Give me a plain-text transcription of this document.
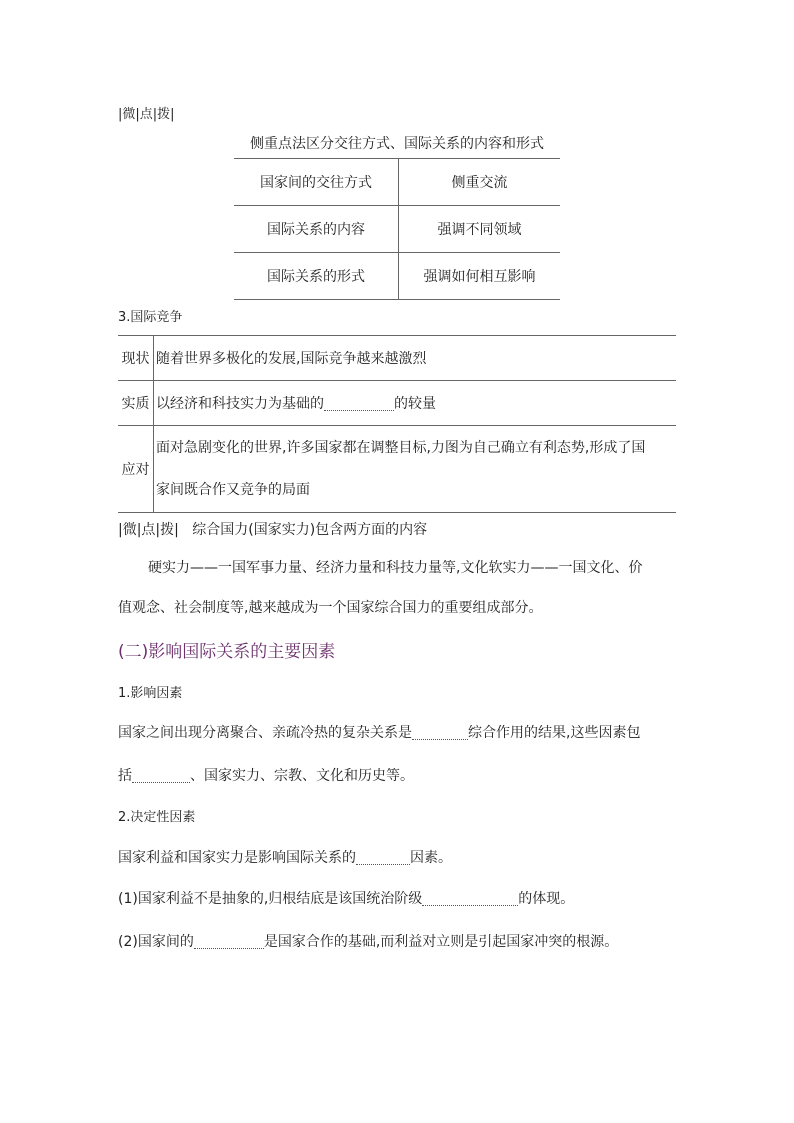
|微|点|拨|
侧重点法区分交往方式、国际关系的内容和形式
国家间的交往方式	侧重交流
国际关系的内容	强调不同领域
国际关系的形式	强调如何相互影响
3.国际竞争
现状	随着世界多极化的发展,国际竞争越来越激烈
实质	以经济和科技实力为基础的 的较量
应对	面对急剧变化的世界,许多国家都在调整目标,力图为自己确立有利态势,形成了国
家间既合作又竞争的局面
|微|点|拨| 综合国力(国家实力)包含两方面的内容
硬实力——一国军事力量、经济力量和科技力量等,文化软实力——一国文化、价
值观念、社会制度等,越来越成为一个国家综合国力的重要组成部分。
(二)影响国际关系的主要因素
1.影响因素
国家之间出现分离聚合、亲疏冷热的复杂关系是	综合作用的结果,这些因素包
括	、国家实力、宗教、文化和历史等。
2.决定性因素
国家利益和国家实力是影响国际关系的	因素。
(1)国家利益不是抽象的,归根结底是该国统治阶级	的体现。
(2)国家间的	是国家合作的基础,而利益对立则是引起国家冲突的根源。
